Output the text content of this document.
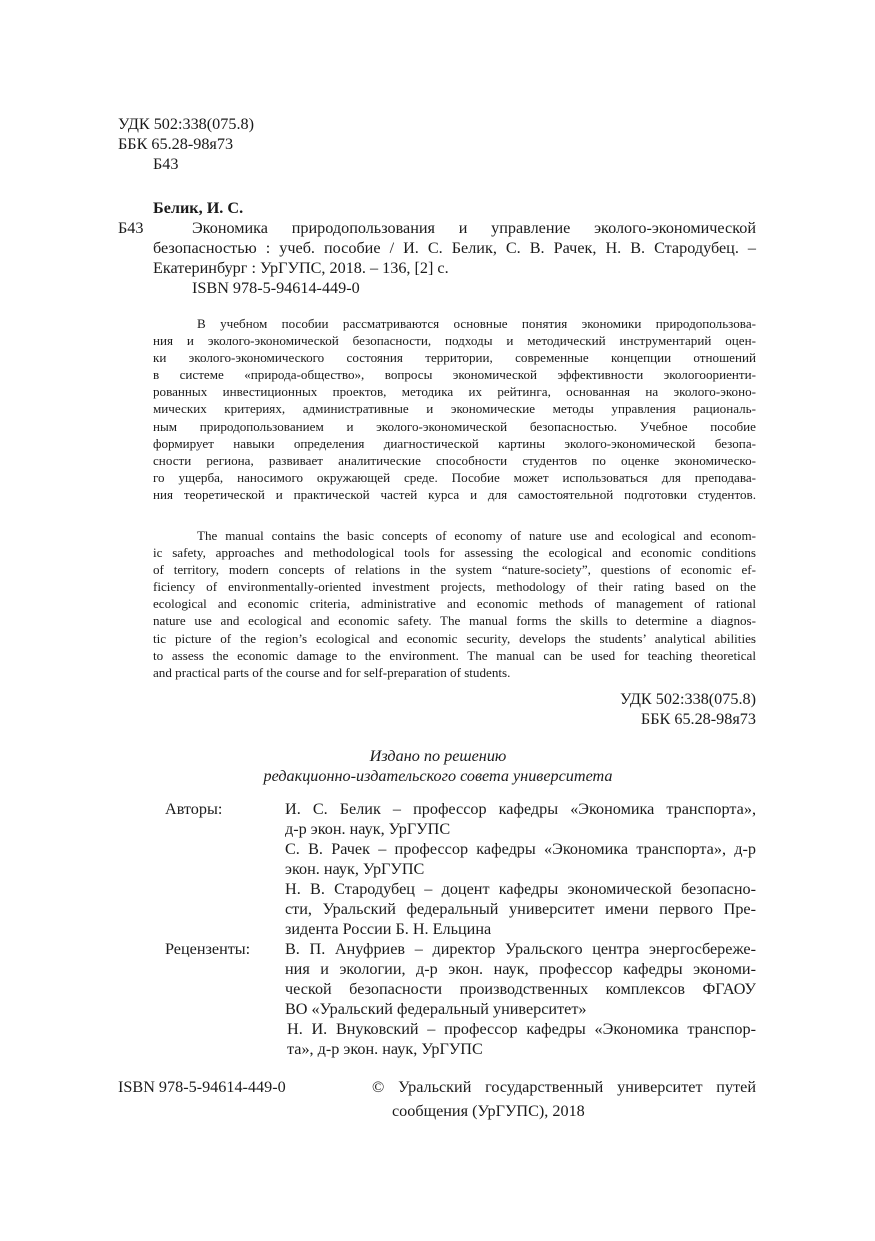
УДК 502:338(075.8)
ББК 65.28-98я73
Б43
Белик, И. С.
Б43	Экономика природопользования и управление эколого-экономической
безопасностью : учеб. пособие / И. С. Белик, С. В. Рачек, Н. В. Стародубец. –
Екатеринбург : УрГУПС, 2018. – 136, [2] с.
ISBN 978-5-94614-449-0
В учебном пособии рассматриваются основные понятия экономики природопользова-
ния и эколого-экономической безопасности, подходы и методический инструментарий оцен-
ки эколого-экономического состояния территории, современные концепции отношений
в системе «природа-общество», вопросы экономической эффективности экологоориенти-
рованных инвестиционных проектов, методика их рейтинга, основанная на эколого-эконо-
мических критериях, административные и экономические методы управления рациональ-
ным природопользованием и эколого-экономической безопасностью. Учебное пособие
формирует навыки определения диагностической картины эколого-экономической безопа-
сности региона, развивает аналитические способности студентов по оценке экономическо-
го ущерба, наносимого окружающей среде. Пособие может использоваться для преподава-
ния теоретической и практической частей курса и для самостоятельной подготовки студентов.
The manual contains the basic concepts of economy of nature use and ecological and econom-
ic safety, approaches and methodological tools for assessing the ecological and economic conditions
of territory, modern concepts of relations in the system “nature-society”, questions of economic ef-
ficiency of environmentally-oriented investment projects, methodology of their rating based on the
ecological and economic criteria, administrative and economic methods of management of rational
nature use and ecological and economic safety. The manual forms the skills to determine a diagnos-
tic picture of the region’s ecological and economic security, develops the students’ analytical abilities
to assess the economic damage to the environment. The manual can be used for teaching theoretical
and practical parts of the course and for self-preparation of students.
УДК 502:338(075.8)
ББК 65.28-98я73
Издано по решению
редакционно-издательского совета университета
Авторы:	И. С. Белик – профессор кафедры «Экономика транспорта»,
д-р экон. наук, УрГУПС
С. В. Рачек – профессор кафедры «Экономика транспорта», д-р
экон. наук, УрГУПС
Н. В. Стародубец – доцент кафедры экономической безопасно-
сти, Уральский федеральный университет имени первого Пре-
зидента России Б. Н. Ельцина
Рецензенты: В. П. Ануфриев – директор Уральского центра энергосбереже-
ния и экологии, д-р экон. наук, профессор кафедры экономи-
ческой безопасности производственных комплексов ФГАОУ
ВО «Уральский федеральный университет»
Н. И. Внуковский – профессор кафедры «Экономика транспор-
та», д-р экон. наук, УрГУПС
ISBN 978-5-94614-449-0	© Уральский государственный университет путей
сообщения (УрГУПС), 2018
